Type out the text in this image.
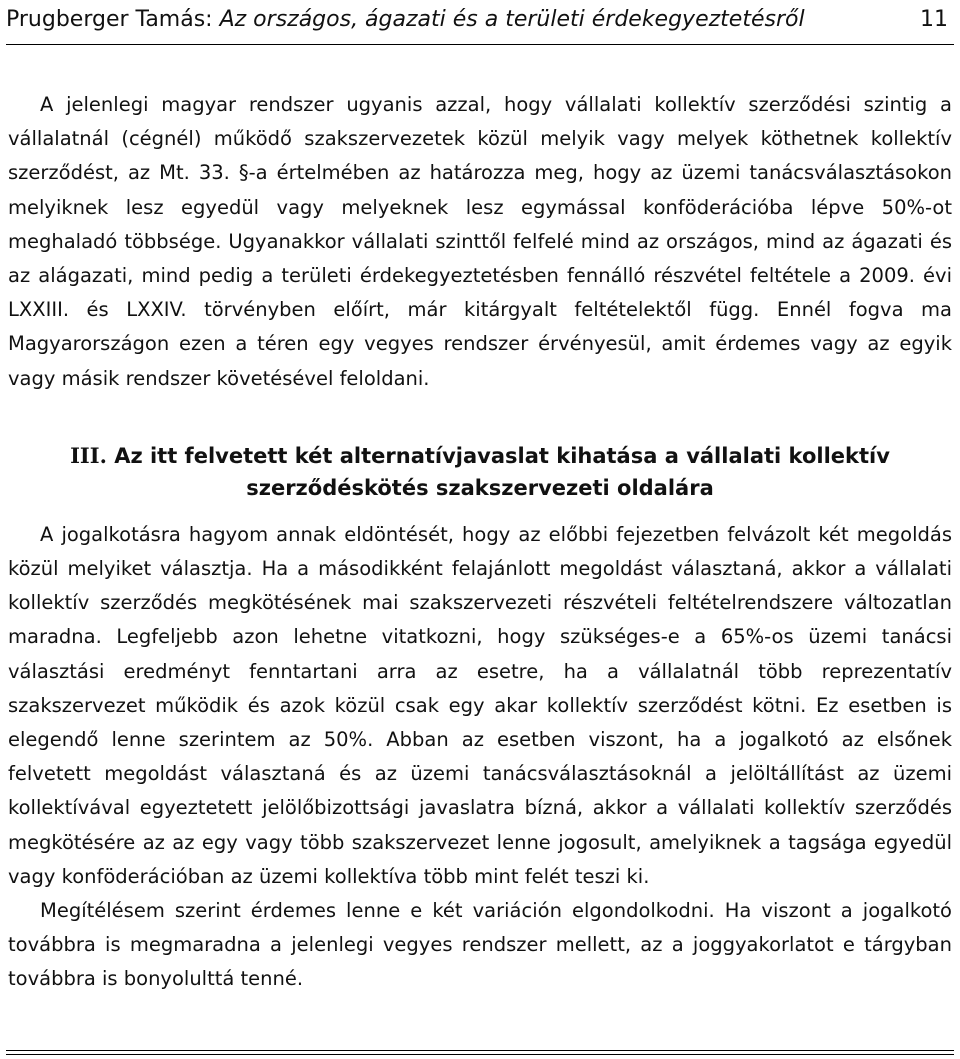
Prugberger Tamás: Az országos, ágazati és a területi érdekegyeztetésről	11

A jelenlegi magyar rendszer ugyanis azzal, hogy vállalati kollektív szerződési szintig a vállalatnál (cégnél) működő szakszervezetek közül melyik vagy melyek köthetnek kollektív szerződést, az Mt. 33. §-a értelmében az határozza meg, hogy az üzemi tanácsválasztásokon melyiknek lesz egyedül vagy melyeknek lesz egymással konföderációba lépve 50%-ot meghaladó többsége. Ugyanakkor vállalati szinttől felfelé mind az országos, mind az ágazati és az alágazati, mind pedig a területi érdekegyeztetésben fennálló részvétel feltétele a 2009. évi LXXIII. és LXXIV. törvényben előírt, már kitárgyalt feltételektől függ. Ennél fogva ma Magyarországon ezen a téren egy vegyes rendszer érvényesül, amit érdemes vagy az egyik vagy másik rendszer követésével feloldani.

III. Az itt felvetett két alternatívjavaslat kihatása a vállalati kollektív szerződéskötés szakszervezeti oldalára

A jogalkotásra hagyom annak eldöntését, hogy az előbbi fejezetben felvázolt két megoldás közül melyiket választja. Ha a másodikként felajánlott megoldást választaná, akkor a vállalati kollektív szerződés megkötésének mai szakszervezeti részvételi feltételrendszere változatlan maradna. Legfeljebb azon lehetne vitatkozni, hogy szükséges-e a 65%-os üzemi tanácsi választási eredményt fenntartani arra az esetre, ha a vállalatnál több reprezentatív szakszervezet működik és azok közül csak egy akar kollektív szerződést kötni. Ez esetben is elegendő lenne szerintem az 50%. Abban az esetben viszont, ha a jogalkotó az elsőnek felvetett megoldást választaná és az üzemi tanácsválasztásoknál a jelöltállítást az üzemi kollektívával egyeztetett jelölőbizottsági javaslatra bízná, akkor a vállalati kollektív szerződés megkötésére az az egy vagy több szakszervezet lenne jogosult, amelyiknek a tagsága egyedül vagy konföderációban az üzemi kollektíva több mint felét teszi ki.

Megítélésem szerint érdemes lenne e két variáción elgondolkodni. Ha viszont a jogalkotó továbbra is megmaradna a jelenlegi vegyes rendszer mellett, az a joggyakorlatot e tárgyban továbbra is bonyolulttá tenné.
